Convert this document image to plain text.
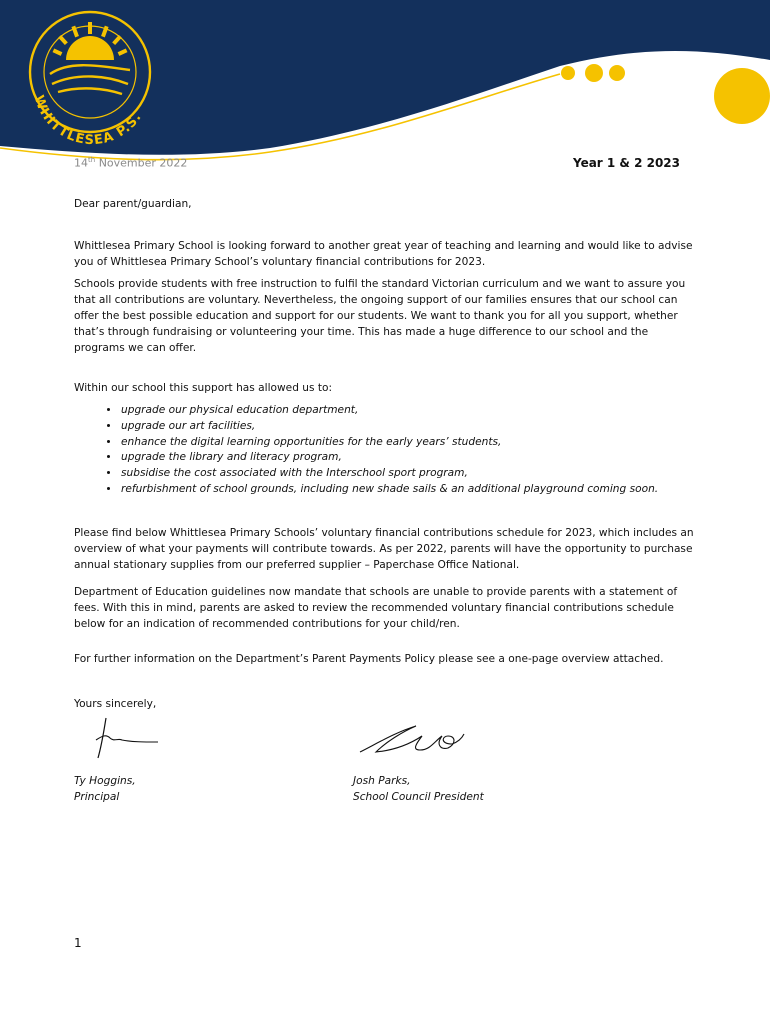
WHITTLESEA P.S.
14th November 2022	Year 1 & 2 2023

Dear parent/guardian,

Whittlesea Primary School is looking forward to another great year of teaching and learning and would like to advise you of Whittlesea Primary School’s voluntary financial contributions for 2023.

Schools provide students with free instruction to fulfil the standard Victorian curriculum and we want to assure you that all contributions are voluntary. Nevertheless, the ongoing support of our families ensures that our school can offer the best possible education and support for our students. We want to thank you for all you support, whether that’s through fundraising or volunteering your time. This has made a huge difference to our school and the programs we can offer.

Within our school this support has allowed us to:

• upgrade our physical education department,
• upgrade our art facilities,
• enhance the digital learning opportunities for the early years’ students,
• upgrade the library and literacy program,
• subsidise the cost associated with the Interschool sport program,
• refurbishment of school grounds, including new shade sails & an additional playground coming soon.

Please find below Whittlesea Primary Schools’ voluntary financial contributions schedule for 2023, which includes an overview of what your payments will contribute towards. As per 2022, parents will have the opportunity to purchase annual stationary supplies from our preferred supplier – Paperchase Office National.

Department of Education guidelines now mandate that schools are unable to provide parents with a statement of fees. With this in mind, parents are asked to review the recommended voluntary financial contributions schedule below for an indication of recommended contributions for your child/ren.

For further information on the Department’s Parent Payments Policy please see a one-page overview attached.

Yours sincerely,

Ty Hoggins,
Principal
Josh Parks,
School Council President
1
